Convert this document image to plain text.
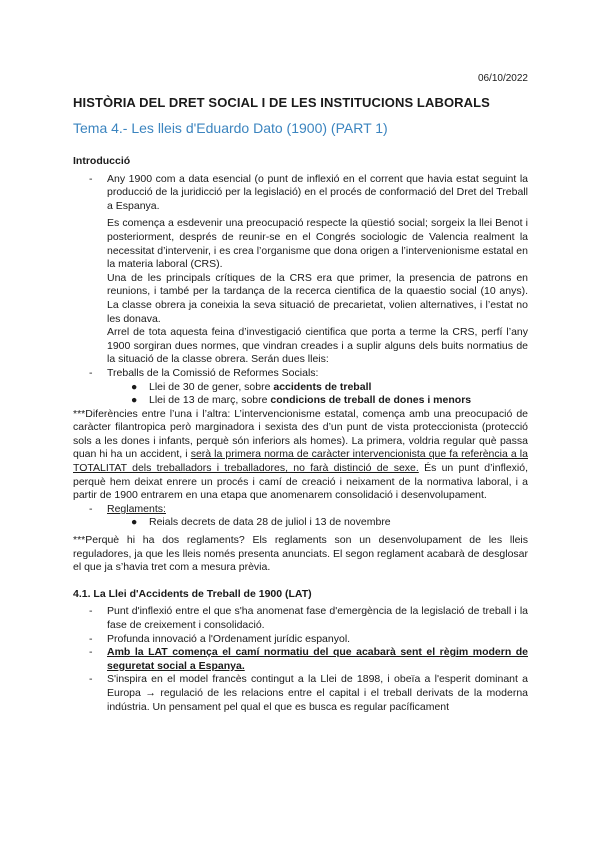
06/10/2022
HISTÒRIA DEL DRET SOCIAL I DE LES INSTITUCIONS LABORALS
Tema 4.- Les lleis d'Eduardo Dato (1900) (PART 1)

Introducció

-	Any 1900 com a data esencial (o punt de inflexió en el corrent que havia estat seguint la producció de la juridicció per la legislació) en el procés de conformació del Dret del Treball a Espanya.
Es comença a esdevenir una preocupació respecte la qüestió social; sorgeix la llei Benot i posteriorment, després de reunir-se en el Congrés sociologic de Valencia realment la necessitat d’intervenir, i es crea l’organisme que dona origen a l’intervenionisme estatal en la materia laboral (CRS).
Una de les principals crítiques de la CRS era que primer, la presencia de patrons en reunions, i també per la tardança de la recerca cientifica de la quaestio social (10 anys). La classe obrera ja coneixia la seva situació de precarietat, volien alternatives, i l’estat no les donava.
Arrel de tota aquesta feina d’investigació cientifica que porta a terme la CRS, perfí l’any 1900 sorgiran dues normes, que vindran creades i a suplir alguns dels buits normatius de la situació de la classe obrera. Serán dues lleis:
-	Treballs de la Comissió de Reformes Socials:
●	Llei de 30 de gener, sobre accidents de treball
●	Llei de 13 de març, sobre condicions de treball de dones i menors

***Diferències entre l’una i l’altra: L’intervencionisme estatal, comença amb una preocupació de caràcter filantropica però marginadora i sexista des d’un punt de vista proteccionista (protecció sols a les dones i infants, perquè són inferiors als homes). La primera, voldria regular què passa quan hi ha un accident, i serà la primera norma de caràcter intervencionista que fa referència a la TOTALITAT dels treballadors i treballadores, no farà distinció de sexe. És un punt d’inflexió, perquè hem deixat enrere un procés i camí de creació i neixament de la normativa laboral, i a partir de 1900 entrarem en una etapa que anomenarem consolidació i desenvolupament.

-	Reglaments:
●	Reials decrets de data 28 de juliol i 13 de novembre

***Perquè hi ha dos reglaments? Els reglaments son un desenvolupament de les lleis reguladores, ja que les lleis només presenta anunciats. El segon reglament acabarà de desglosar el que ja s’havia tret com a mesura prèvia.

4.1. La Llei d'Accidents de Treball de 1900 (LAT)

-	Punt d'inflexió entre el que s'ha anomenat fase d'emergència de la legislació de treball i la fase de creixement i consolidació.
-	Profunda innovació a l'Ordenament jurídic espanyol.
-	Amb la LAT comença el camí normatiu del que acabarà sent el règim modern de seguretat social a Espanya.
-	S'inspira en el model francès contingut a la Llei de 1898, i obeïa a l'esperit dominant a Europa → regulació de les relacions entre el capital i el treball derivats de la moderna indústria. Un pensament pel qual el que es busca es regular pacíficament
